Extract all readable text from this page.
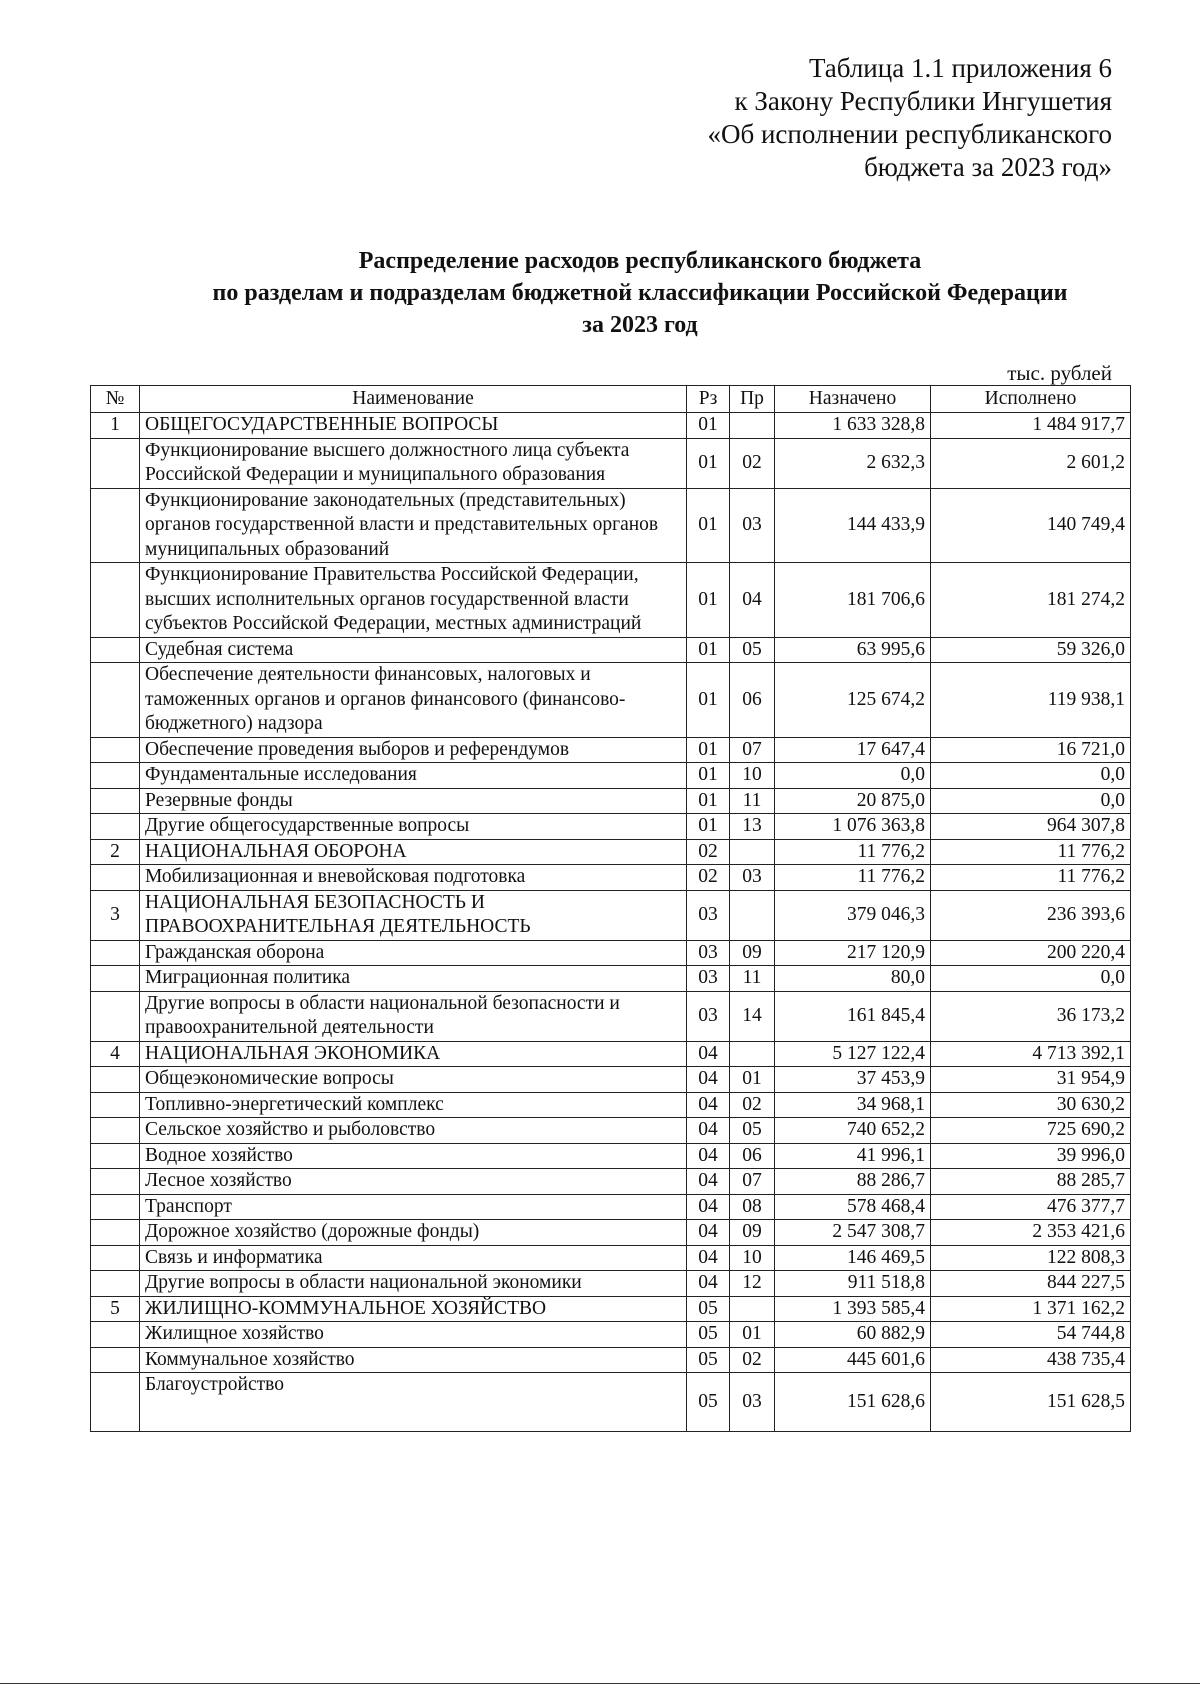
Таблица 1.1 приложения 6
к Закону Республики Ингушетия
«Об исполнении республиканского
бюджета за 2023 год»
Распределение расходов республиканского бюджета
по разделам и подразделам бюджетной классификации Российской Федерации
за 2023 год
тыс. рублей
№	Наименование	Рз	Пр	Назначено	Исполнено
1	ОБЩЕГОСУДАРСТВЕННЫЕ ВОПРОСЫ	01		1 633 328,8	1 484 917,7
	Функционирование высшего должностного лица субъекта Российской Федерации и муниципального образования	01	02	2 632,3	2 601,2
	Функционирование законодательных (представительных) органов государственной власти и представительных органов муниципальных образований	01	03	144 433,9	140 749,4
	Функционирование Правительства Российской Федерации, высших исполнительных органов государственной власти субъектов Российской Федерации, местных администраций	01	04	181 706,6	181 274,2
	Судебная система	01	05	63 995,6	59 326,0
	Обеспечение деятельности финансовых, налоговых и таможенных органов и органов финансового (финансово-бюджетного) надзора	01	06	125 674,2	119 938,1
	Обеспечение проведения выборов и референдумов	01	07	17 647,4	16 721,0
	Фундаментальные исследования	01	10	0,0	0,0
	Резервные фонды	01	11	20 875,0	0,0
	Другие общегосударственные вопросы	01	13	1 076 363,8	964 307,8
2	НАЦИОНАЛЬНАЯ ОБОРОНА	02		11 776,2	11 776,2
	Мобилизационная и вневойсковая подготовка	02	03	11 776,2	11 776,2
3	НАЦИОНАЛЬНАЯ БЕЗОПАСНОСТЬ И ПРАВООХРАНИТЕЛЬНАЯ ДЕЯТЕЛЬНОСТЬ	03		379 046,3	236 393,6
	Гражданская оборона	03	09	217 120,9	200 220,4
	Миграционная политика	03	11	80,0	0,0
	Другие вопросы в области национальной безопасности и правоохранительной деятельности	03	14	161 845,4	36 173,2
4	НАЦИОНАЛЬНАЯ ЭКОНОМИКА	04		5 127 122,4	4 713 392,1
	Общеэкономические вопросы	04	01	37 453,9	31 954,9
	Топливно-энергетический комплекс	04	02	34 968,1	30 630,2
	Сельское хозяйство и рыболовство	04	05	740 652,2	725 690,2
	Водное хозяйство	04	06	41 996,1	39 996,0
	Лесное хозяйство	04	07	88 286,7	88 285,7
	Транспорт	04	08	578 468,4	476 377,7
	Дорожное хозяйство (дорожные фонды)	04	09	2 547 308,7	2 353 421,6
	Связь и информатика	04	10	146 469,5	122 808,3
	Другие вопросы в области национальной экономики	04	12	911 518,8	844 227,5
5	ЖИЛИЩНО-КОММУНАЛЬНОЕ ХОЗЯЙСТВО	05		1 393 585,4	1 371 162,2
	Жилищное хозяйство	05	01	60 882,9	54 744,8
	Коммунальное хозяйство	05	02	445 601,6	438 735,4
	Благоустройство	05	03	151 628,6	151 628,5
